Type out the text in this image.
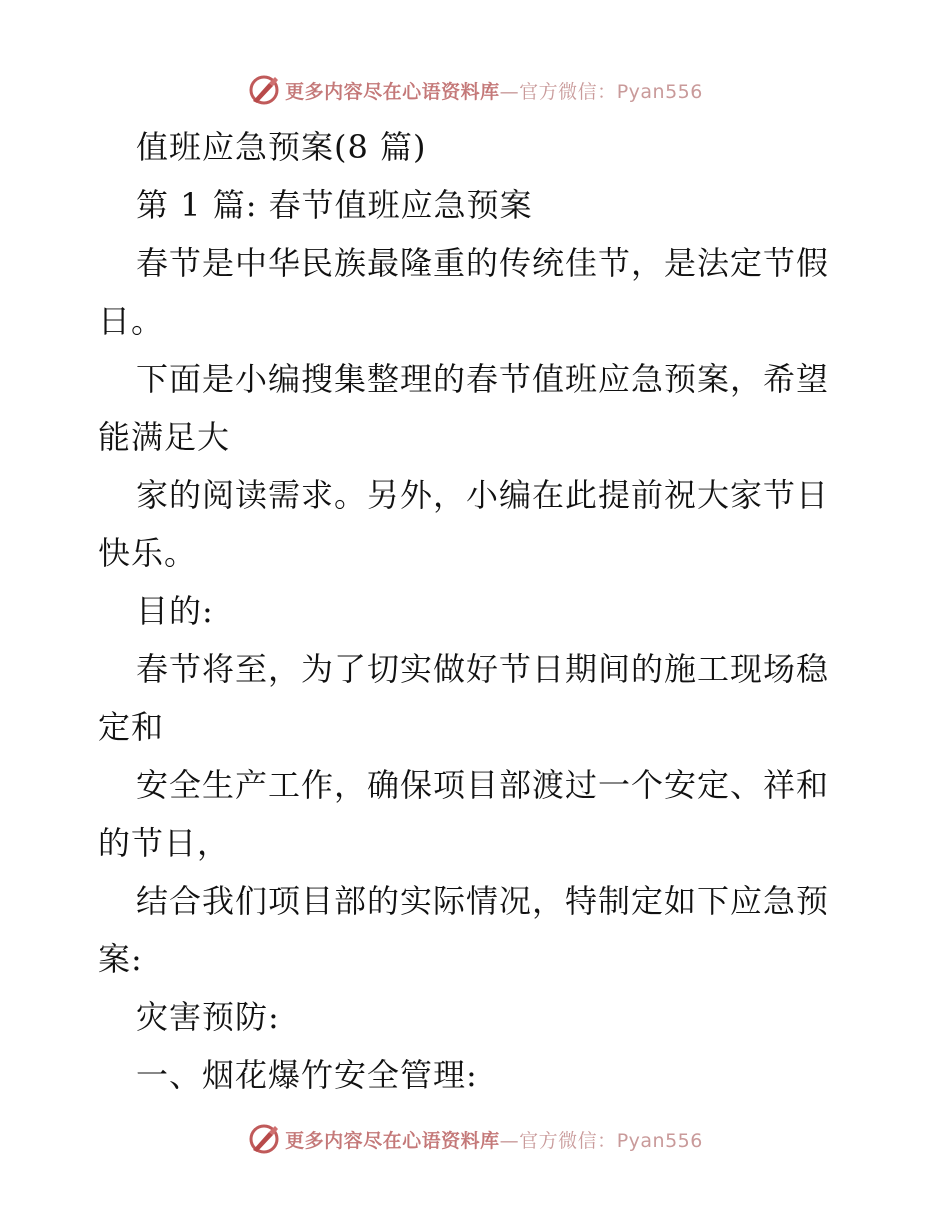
更多内容尽在心语资料库—官方微信：Pyan556
值班应急预案(8 篇)
第 1 篇: 春节值班应急预案
春节是中华民族最隆重的传统佳节，是法定节假
日。
下面是小编搜集整理的春节值班应急预案，希望
能满足大
家的阅读需求。另外，小编在此提前祝大家节日
快乐。
目的:
春节将至，为了切实做好节日期间的施工现场稳
定和
安全生产工作，确保项目部渡过一个安定、祥和
的节日，
结合我们项目部的实际情况，特制定如下应急预
案:
灾害预防:
一、烟花爆竹安全管理:
更多内容尽在心语资料库—官方微信：Pyan556
